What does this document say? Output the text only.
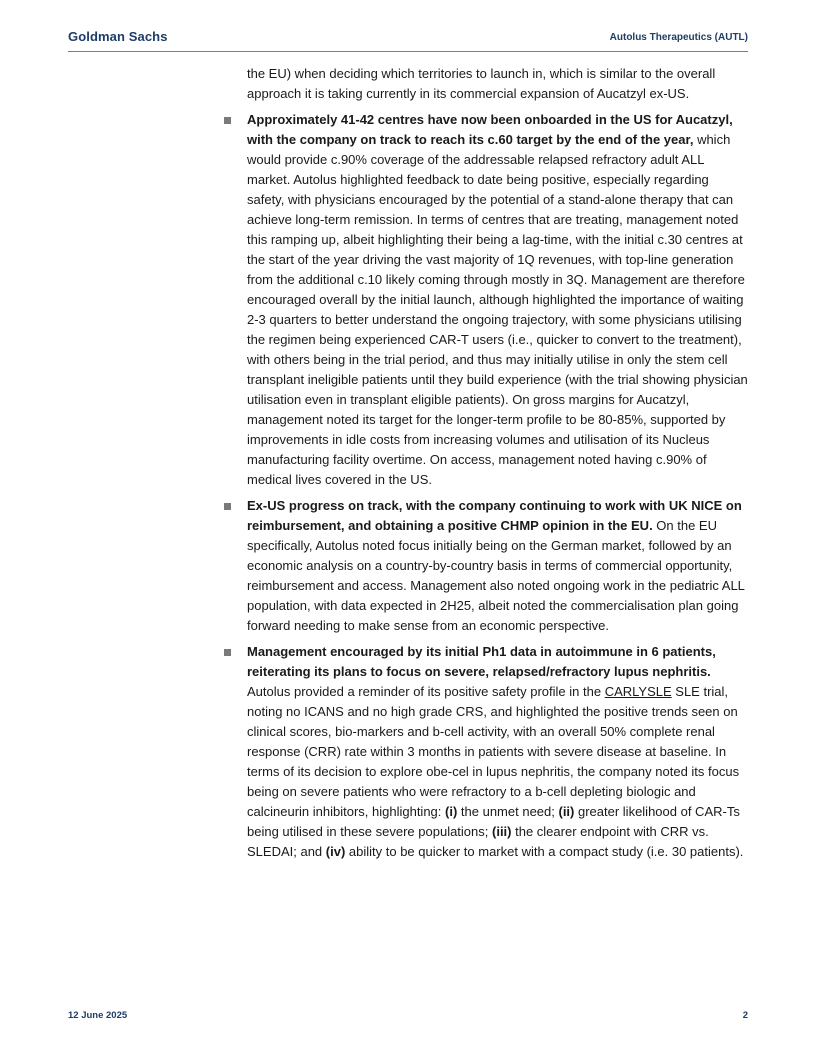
Goldman Sachs	Autolus Therapeutics (AUTL)

the EU) when deciding which territories to launch in, which is similar to the overall approach it is taking currently in its commercial expansion of Aucatzyl ex-US.

Approximately 41-42 centres have now been onboarded in the US for Aucatzyl, with the company on track to reach its c.60 target by the end of the year, which would provide c.90% coverage of the addressable relapsed refractory adult ALL market. Autolus highlighted feedback to date being positive, especially regarding safety, with physicians encouraged by the potential of a stand-alone therapy that can achieve long-term remission. In terms of centres that are treating, management noted this ramping up, albeit highlighting their being a lag-time, with the initial c.30 centres at the start of the year driving the vast majority of 1Q revenues, with top-line generation from the additional c.10 likely coming through mostly in 3Q. Management are therefore encouraged overall by the initial launch, although highlighted the importance of waiting 2-3 quarters to better understand the ongoing trajectory, with some physicians utilising the regimen being experienced CAR-T users (i.e., quicker to convert to the treatment), with others being in the trial period, and thus may initially utilise in only the stem cell transplant ineligible patients until they build experience (with the trial showing physician utilisation even in transplant eligible patients). On gross margins for Aucatzyl, management noted its target for the longer-term profile to be 80-85%, supported by improvements in idle costs from increasing volumes and utilisation of its Nucleus manufacturing facility overtime. On access, management noted having c.90% of medical lives covered in the US.

Ex-US progress on track, with the company continuing to work with UK NICE on reimbursement, and obtaining a positive CHMP opinion in the EU. On the EU specifically, Autolus noted focus initially being on the German market, followed by an economic analysis on a country-by-country basis in terms of commercial opportunity, reimbursement and access. Management also noted ongoing work in the pediatric ALL population, with data expected in 2H25, albeit noted the commercialisation plan going forward needing to make sense from an economic perspective.

Management encouraged by its initial Ph1 data in autoimmune in 6 patients, reiterating its plans to focus on severe, relapsed/refractory lupus nephritis. Autolus provided a reminder of its positive safety profile in the CARLYSLE SLE trial, noting no ICANS and no high grade CRS, and highlighted the positive trends seen on clinical scores, bio-markers and b-cell activity, with an overall 50% complete renal response (CRR) rate within 3 months in patients with severe disease at baseline. In terms of its decision to explore obe-cel in lupus nephritis, the company noted its focus being on severe patients who were refractory to a b-cell depleting biologic and calcineurin inhibitors, highlighting: (i) the unmet need; (ii) greater likelihood of CAR-Ts being utilised in these severe populations; (iii) the clearer endpoint with CRR vs. SLEDAI; and (iv) ability to be quicker to market with a compact study (i.e. 30 patients).

12 June 2025	2
